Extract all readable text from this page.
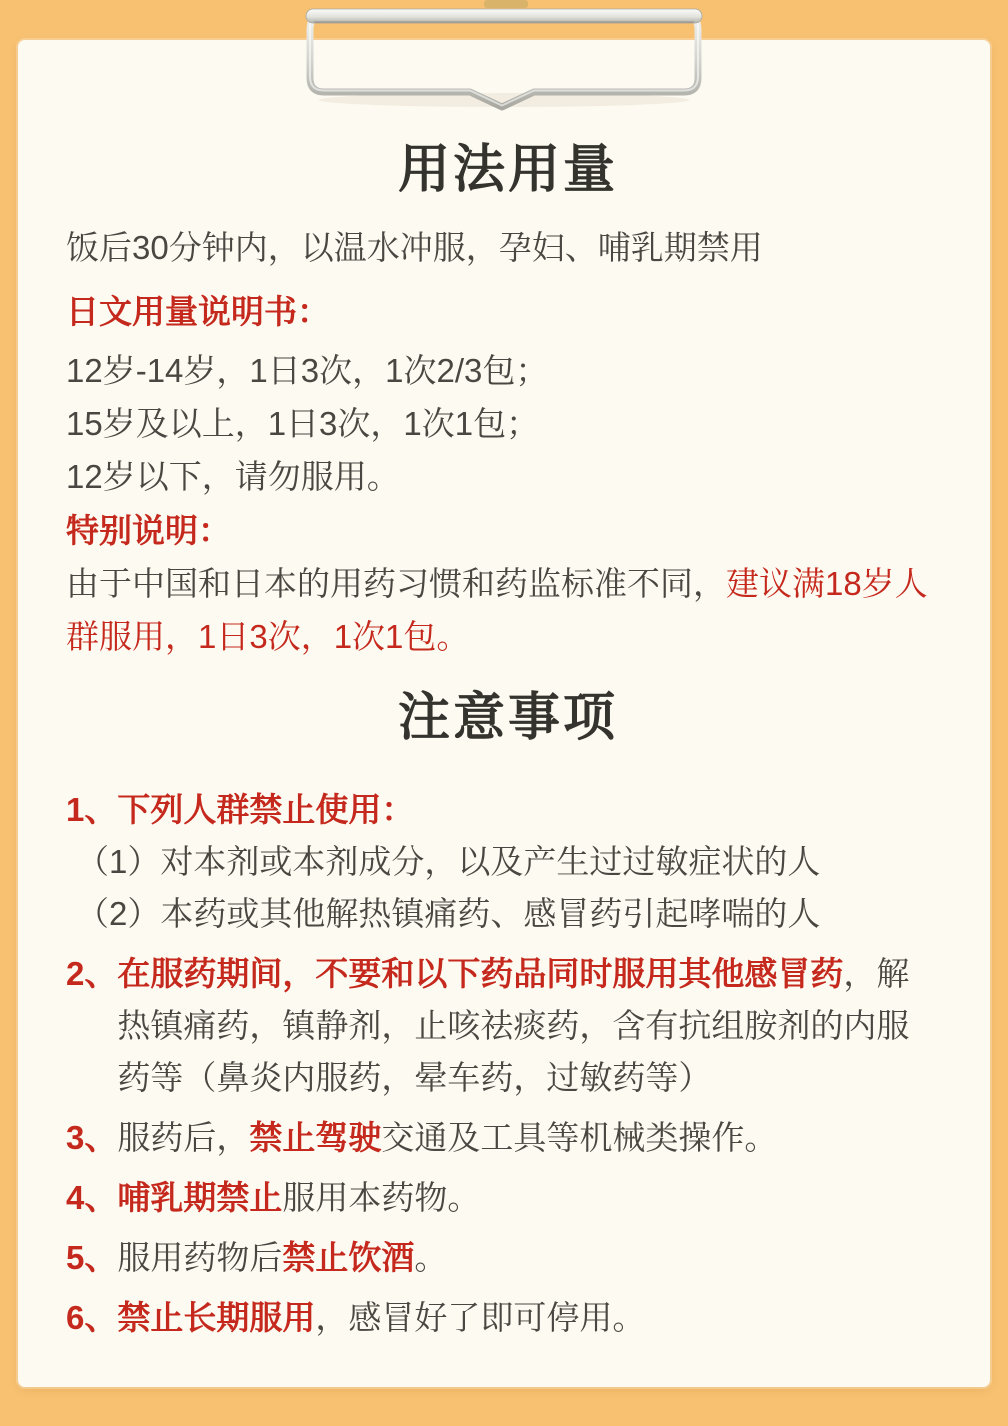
用法用量

饭后30分钟内，以温水冲服，孕妇、哺乳期禁用

日文用量说明书：

12岁-14岁，1日3次，1次2/3包；

15岁及以上，1日3次，1次1包；

12岁以下，请勿服用。

特别说明：

由于中国和日本的用药习惯和药监标准不同，建议满18岁人群服用，1日3次，1次1包。

注意事项
1、 下列人群禁止使用：
（1）对本剂或本剂成分，以及产生过过敏症状的人
（2）本药或其他解热镇痛药、感冒药引起哮喘的人
2、 在服药期间，不要和以下药品同时服用其他感冒药，解热镇痛药，镇静剂，止咳祛痰药，含有抗组胺剂的内服药等（鼻炎内服药，晕车药，过敏药等）
3、 服药后，禁止驾驶交通及工具等机械类操作。
4、 哺乳期禁止服用本药物。
5、 服用药物后禁止饮酒。
6、 禁止长期服用，感冒好了即可停用。
